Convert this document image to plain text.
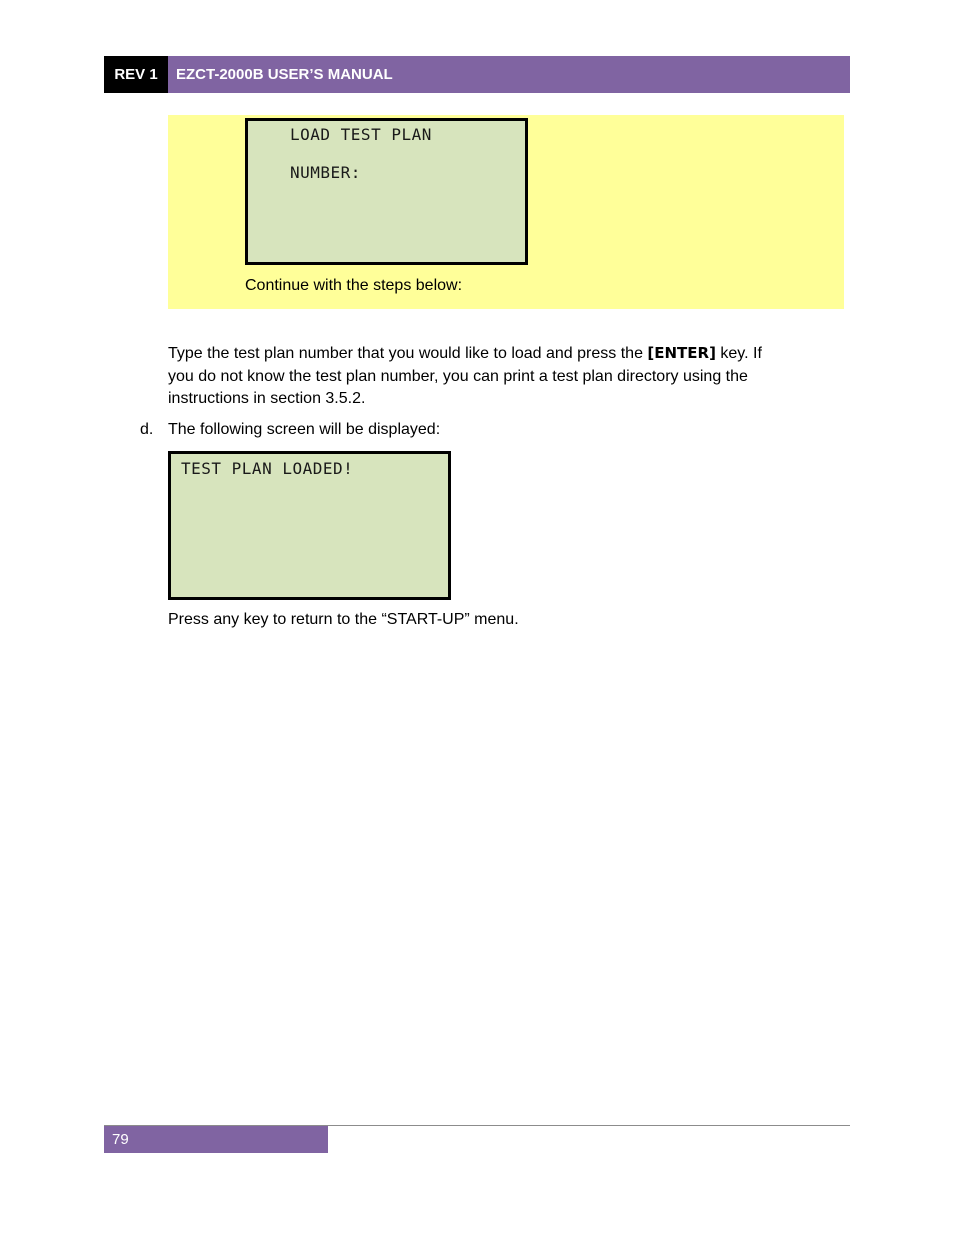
REV 1	EZCT-2000B USER’S MANUAL
LOAD TEST PLAN
NUMBER:
Continue with the steps below:
Type the test plan number that you would like to load and press the [ENTER] key. If
you do not know the test plan number, you can print a test plan directory using the
instructions in section 3.5.2.
d. The following screen will be displayed:
TEST PLAN LOADED!
Press any key to return to the “START-UP” menu.
79
